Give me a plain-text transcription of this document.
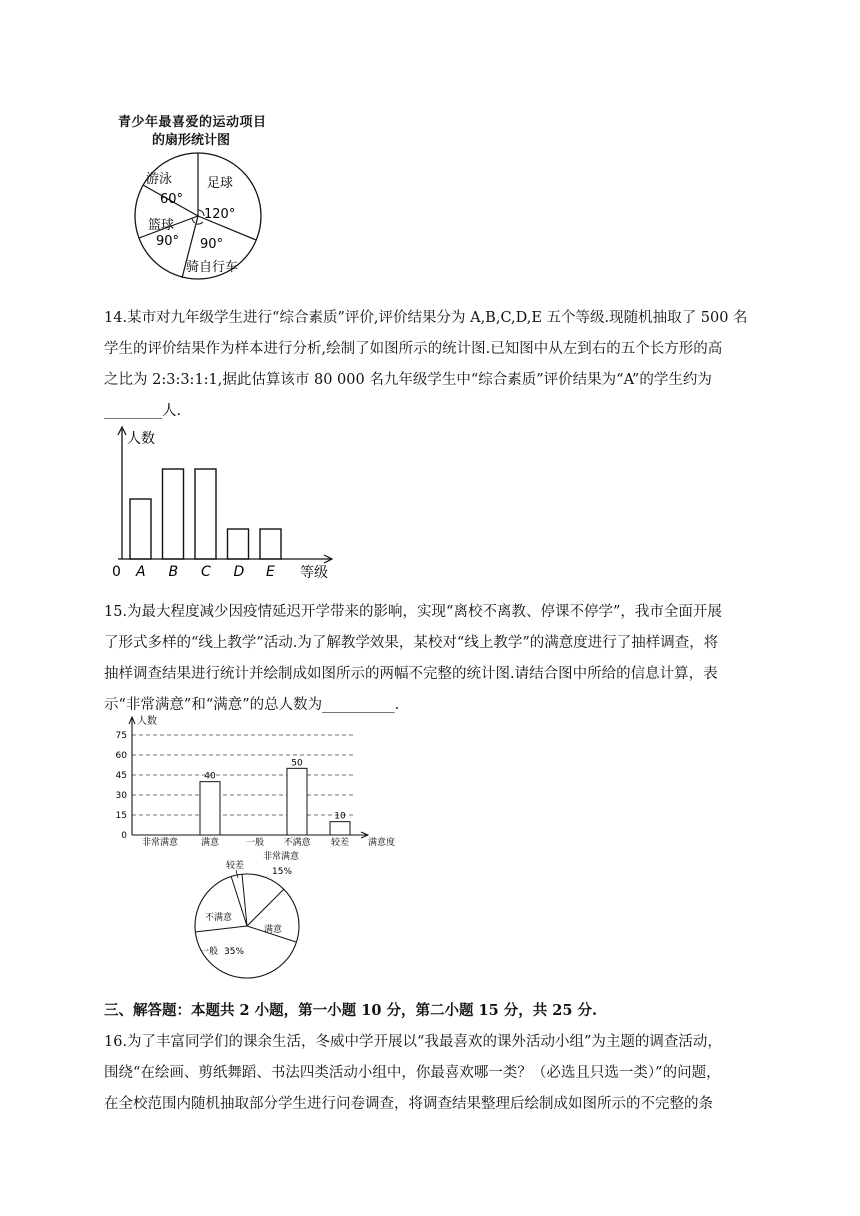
青少年最喜爱的运动项目
的扇形统计图
游泳
60°
足球
120°
篮球
90° 90°
骑自行车
14.某市对九年级学生进行“综合素质”评价,评价结果分为 A,B,C,D,E 五个等级.现随机抽取了 500 名
学生的评价结果作为样本进行分析,绘制了如图所示的统计图.已知图中从左到右的五个长方形的高
之比为 2:3:3:1:1,据此估算该市 80 000 名九年级学生中“综合素质”评价结果为“A”的学生约为
________人.
人数
0	等级
A B C D E
15.为最大程度减少因疫情延迟开学带来的影响，实现“离校不离教、停课不停学”，我市全面开展
了形式多样的“线上教学”活动.为了解教学效果，某校对“线上教学”的满意度进行了抽样调查，将
抽样调查结果进行统计并绘制成如图所示的两幅不完整的统计图.请结合图中所给的信息计算，表
示“非常满意”和“满意”的总人数为__________.
人数
满意度
0
15
30
45
60
75
非常满意
40
满意	一般
50
不满意
10
较差
较差
非常满意
15%
不满意
满意
一般 35%
三、解答题：本题共 2 小题，第一小题 10 分，第二小题 15 分，共 25 分.
16.为了丰富同学们的课余生活，冬威中学开展以“我最喜欢的课外活动小组”为主题的调查活动，
围绕“在绘画、剪纸舞蹈、书法四类活动小组中，你最喜欢哪一类？（必选且只选一类）”的问题，
在全校范围内随机抽取部分学生进行问卷调查，将调查结果整理后绘制成如图所示的不完整的条
